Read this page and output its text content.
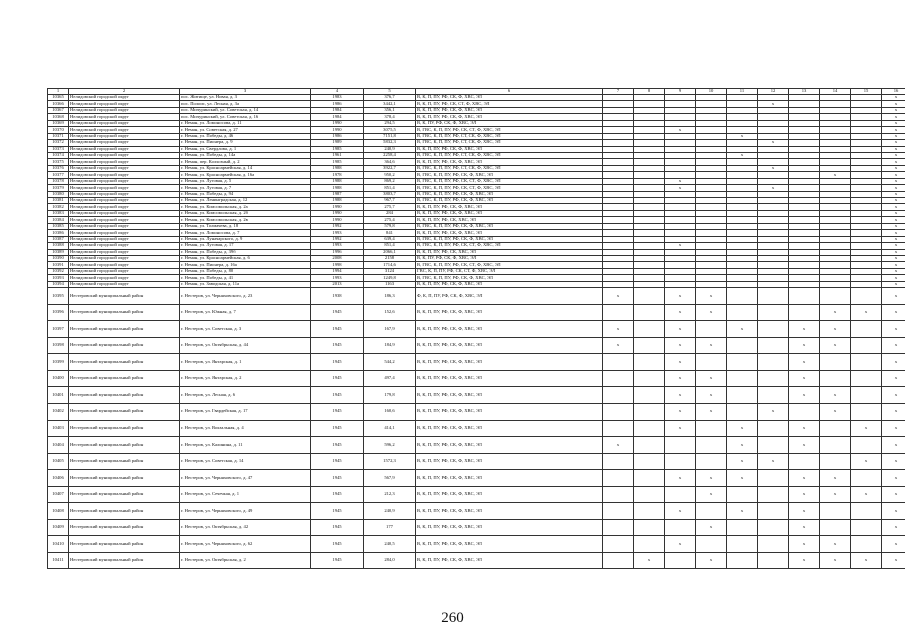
1	2	3	4	5	6	7	8	9	10	11	12	13	14	15	16
10365	Нелидовский городской округ	пос. Житище, ул. Новая, д. 3	1983	376,7	В, К, П, ПУ, РФ, СК, Ф, ХВС, ЭЛ										x
10366	Нелидовский городской округ	пос. Полоис, ул. Лесная, д. 3а	1986	3442,1	В, К, П, ПУ, РФ, СК, СТ, Ф, ХВС, ЭЛ						x				x
10367	Нелидовский городской округ	пос. Мичуринский, ул. Советская, д. 14	1984	356,1	В, К, П, ПУ, РФ, СК, Ф, ХВС, ЭЛ										x
10368	Нелидовский городской округ	пос. Мичуринский, ул. Советская, д. 16	1984	378,4	В, К, П, ПУ, РФ, СК, Ф, ХВС, ЭЛ										x
10369	Нелидовский городской округ	г. Неман, ул. Ломоносова, д. 11	1990	294,5	В, К, ПУ, РФ, СК, Ф, ХВС, ЭЛ										x
10370	Нелидовский городской округ	г. Неман, ул. Советская, д. 27	1990	3075,5	В, ГВС, К, П, ПУ, РФ, СК, СТ, Ф, ХВС, ЭЛ			x							x
10371	Нелидовский городской округ	г. Неман, ул. Победы, д. 46	1986	7151,8	В, ГВС, К, П, ПУ, РФ, СТ, СК, Ф, ХВС, ЭЛ					x					x
10372	Нелидовский городской округ	г. Неман, ул. Пионера, д. 9	1989	5832,3	В, ГВС, К, П, ПУ, РФ, СТ, СК, Ф, ХВС, ЭЛ						x				x
10373	Нелидовский городской округ	г. Неман, ул. Свердлова, д. 1	1985	240,9	В, К, П, ПУ, РФ, СК, Ф, ХВС, ЭЛ										x
10374	Нелидовский городской округ	г. Неман, ул. Победы, д. 14а	1961	2258,4	В, ГВС, К, П, ПУ, РФ, СТ, СК, Ф, ХВС, ЭЛ					x					x
10375	Нелидовский городской округ	г. Неман, пер. Колхозный, д. 2	1985	364,6	В, К, П, ПУ, РФ, СК, Ф, ХВС, ЭЛ										x
10376	Нелидовский городской округ	г. Неман, ул. Красноармейская, д. 14	1988	3922,7	В, ГВС, К, П, ПУ, РФ, СТ, СК, Ф, ХВС, ЭЛ						x				x
10377	Нелидовский городской округ	г. Неман, ул. Красноармейская, д. 16а	1978	950,2	В, ГВС, К, П, ПУ, РФ, СК, Ф, ХВС, ЭЛ								x		x
10378	Нелидовский городской округ	г. Неман, ул. Луговая, д. 5	1988	869,2	В, ГВС, К, П, ПУ, РФ, СК, СТ, Ф, ХВС, ЭЛ			x							x
10379	Нелидовский городской округ	г. Неман, ул. Луговая, д. 7	1988	851,4	В, ГВС, К, П, ПУ, РФ, СК, СТ, Ф, ХВС, ЭЛ			x			x				x
10380	Нелидовский городской округ	г. Неман, ул. Победы, д. 94	1987	3803,7	В, ГВС, К, П, ПУ, РФ, СК, Ф, ХВС, ЭЛ										x
10381	Нелидовский городской округ	г. Неман, ул. Ленинградская, д. 12	1988	967,7	В, ГВС, К, П, ПУ, РФ, СК, Ф, ХВС, ЭЛ										x
10382	Нелидовский городской округ	г. Неман, ул. Комсомольская, д. 2а	1990	275,7	В, К, П, ПУ, РФ, СК, Ф, ХВС, ЭЛ										x
10383	Нелидовский городской округ	г. Неман, ул. Комсомольская, д. 2б	1990	284	В, К, П, ПУ, РФ, СК, Ф, ХВС, ЭЛ										x
10384	Нелидовский городской округ	г. Неман, ул. Комсомольская, д. 2в	1990	275,4	В, К, П, ПУ, РФ, СК, ХВС, ЭЛ										x
10385	Нелидовский городской округ	г. Неман, ул. Толмачева, д. 18	1992	579,8	В, ГВС, К, П, ПУ, РФ, СК, Ф, ХВС, ЭЛ										x
10386	Нелидовский городской округ	г. Неман, ул. Ломоносова, д. 7	1993	841	В, К, П, ПУ, РФ, СК, Ф, ХВС, ЭЛ										x
10387	Нелидовский городской округ	г. Неман, ул. Луначарского, д. 9	1992	639,4	В, ГВС, К, П, ПУ, РФ, СК, Ф, ХВС, ЭЛ										x
10388	Нелидовский городской округ	г. Неман, ул. Луговая, д. 17	1993	851,4	В, ГВС, К, П, ПУ, РФ, СК, СТ, Ф, ХВС, ЭЛ			x							x
10389	Нелидовский городской округ	г. Неман, ул. Победы, д. 39б	1996	2066,1	В, К, П, ПУ, РФ, СК, ХВС, ЭЛ										x
10390	Нелидовский городской округ	г. Неман, ул. Красноармейская, д. 6	2008	2158	В, К, ПУ, РФ, СК, Ф, ХВС, ЭЛ										x
10391	Нелидовский городской округ	г. Неман, ул. Пионера, д. 16а	1998	1714,6	В, ГВС, К, П, ПУ, РФ, СК, СТ, Ф, ХВС, ЭЛ										x
10392	Нелидовский городской округ	г. Неман, ул. Победы, д. 80	1994	3124	ГВС, К, П, ПУ, РФ, СК, СТ, Ф, ХВС, ЭЛ										x
10393	Нелидовский городской округ	г. Неман, ул. Победы, д. 41	1993	1249,8	В, ГВС, К, П, ПУ, РФ, СК, Ф, ХВС, ЭЛ										x
10394	Нелидовский городской округ	г. Неман, ул. Заводская, д. 11а	2013	1163	В, К, П, ПУ, РФ, СК, Ф, ХВС, ЭЛ										x
10395	Нестеровский муниципальный район	г. Нестеров, ул. Черняховского, д. 23	1938	186,3	Ф, К, П, ПУ, РФ, СК, Ф, ХВС, ЭЛ	x		x	x						x
10396	Нестеровский муниципальный район	г. Нестеров, ул. Южная, д. 7	1945	152,6	В, К, П, ПУ, РФ, СК, Ф, ХВС, ЭЛ			x	x				x	x	x
10397	Нестеровский муниципальный район	г. Нестеров, ул. Советская, д. 3	1945	167,9	В, К, П, ПУ, РФ, СК, Ф, ХВС, ЭЛ	x		x		x		x	x		x
10398	Нестеровский муниципальный район	г. Нестеров, ул. Октябрьская, д. 44	1945	184,9	В, К, П, ПУ, РФ, СК, Ф, ХВС, ЭЛ	x		x	x			x	x		x
10399	Нестеровский муниципальный район	г. Нестеров, ул. Янтарская, д. 1	1945	544,2	В, К, П, ПУ, РФ, СК, Ф, ХВС, ЭЛ			x				x			x
10400	Нестеровский муниципальный район	г. Нестеров, ул. Янтарская, д. 2	1945	497,4	В, К, П, ПУ, РФ, СК, Ф, ХВС, ЭЛ			x	x			x			x
10401	Нестеровский муниципальный район	г. Нестеров, ул. Лесная, д. 6	1945	179,8	В, К, П, ПУ, РФ, СК, Ф, ХВС, ЭЛ			x	x			x	x		x
10402	Нестеровский муниципальный район	г. Нестеров, ул. Гвардейская, д. 17	1945	160,6	В, К, П, ПУ, РФ, СК, Ф, ХВС, ЭЛ			x	x		x		x		x
10403	Нестеровский муниципальный район	г. Нестеров, ул. Вокзальная, д. 4	1945	414,1	В, К, П, ПУ, РФ, СК, Ф, ХВС, ЭЛ			x		x		x		x	x
10404	Нестеровский муниципальный район	г. Нестеров, ул. Калинина, д. 11	1945	596,2	В, К, П, ПУ, РФ, СК, Ф, ХВС, ЭЛ	x				x		x			x
10405	Нестеровский муниципальный район	г. Нестеров, ул. Советская, д. 14	1945	1572,3	В, К, П, ПУ, РФ, СК, Ф, ХВС, ЭЛ					x	x			x	x
10406	Нестеровский муниципальный район	г. Нестеров, ул. Черняховского, д. 47	1945	567,9	В, К, П, ПУ, РФ, СК, Ф, ХВС, ЭЛ			x	x	x		x	x		x
10407	Нестеровский муниципальный район	г. Нестеров, ул. Сечечкая, д. 1	1945	212,3	В, К, П, ПУ, РФ, СК, Ф, ХВС, ЭЛ				x			x	x	x	x
10408	Нестеровский муниципальный район	г. Нестеров, ул. Черняховского, д. 49	1945	240,9	В, К, П, ПУ, РФ, СК, Ф, ХВС, ЭЛ			x		x		x			x
10409	Нестеровский муниципальный район	г. Нестеров, ул. Октябрьская, д. 42	1945	177	В, К, П, ПУ, РФ, СК, Ф, ХВС, ЭЛ				x			x			x
10410	Нестеровский муниципальный район	г. Нестеров, ул. Черняховского, д. 62	1945	240,5	В, К, П, ПУ, РФ, СК, Ф, ХВС, ЭЛ			x				x	x		x
10411	Нестеровский муниципальный район	г. Нестеров, ул. Октябрьская, д. 2	1945	284,0	В, К, П, ПУ, РФ, СК, Ф, ХВС, ЭЛ		x		x			x	x	x	x
260
